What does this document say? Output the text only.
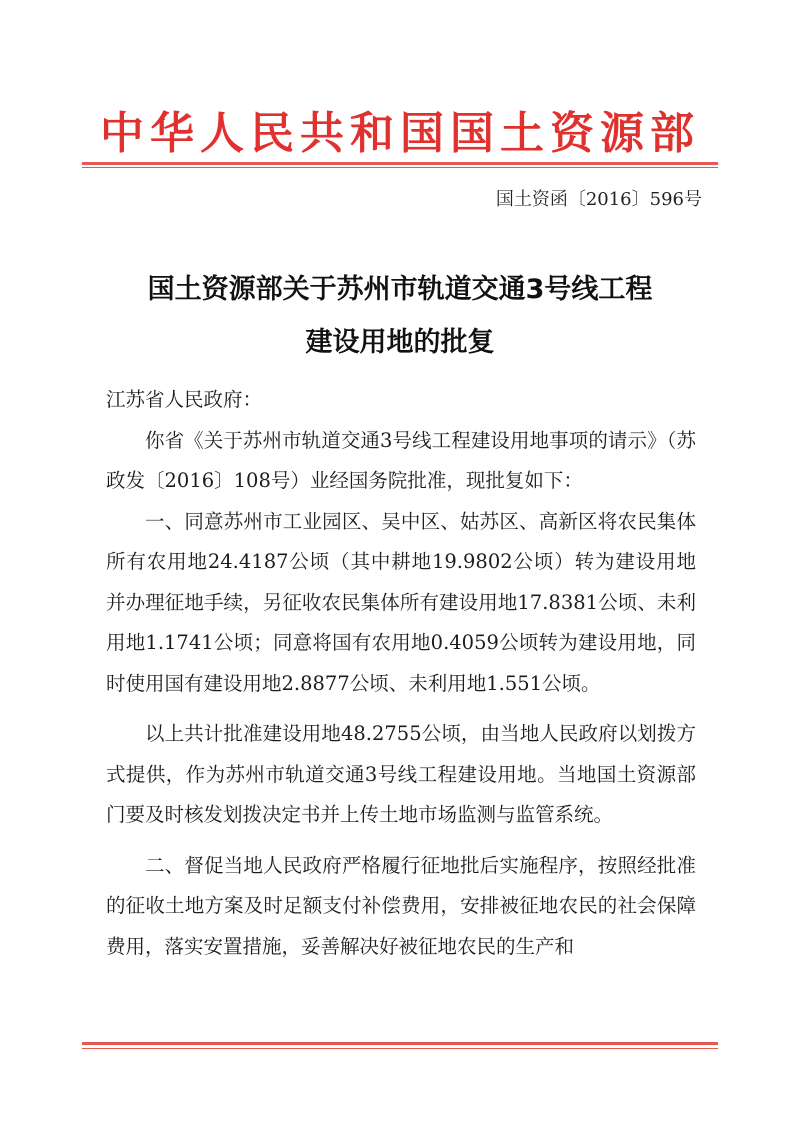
中华人民共和国国土资源部
国土资函〔2016〕596号
国土资源部关于苏州市轨道交通3号线工程
建设用地的批复

江苏省人民政府：

你省《关于苏州市轨道交通3号线工程建设用地事项的请示》（苏政发〔2016〕108号）业经国务院批准，现批复如下：

一、同意苏州市工业园区、吴中区、姑苏区、高新区将农民集体所有农用地24.4187公顷（其中耕地19.9802公顷）转为建设用地并办理征地手续，另征收农民集体所有建设用地17.8381公顷、未利用地1.1741公顷；同意将国有农用地0.4059公顷转为建设用地，同时使用国有建设用地2.8877公顷、未利用地1.551公顷。

以上共计批准建设用地48.2755公顷，由当地人民政府以划拨方式提供，作为苏州市轨道交通3号线工程建设用地。当地国土资源部门要及时核发划拨决定书并上传土地市场监测与监管系统。

二、督促当地人民政府严格履行征地批后实施程序，按照经批准的征收土地方案及时足额支付补偿费用，安排被征地农民的社会保障费用，落实安置措施，妥善解决好被征地农民的生产和
